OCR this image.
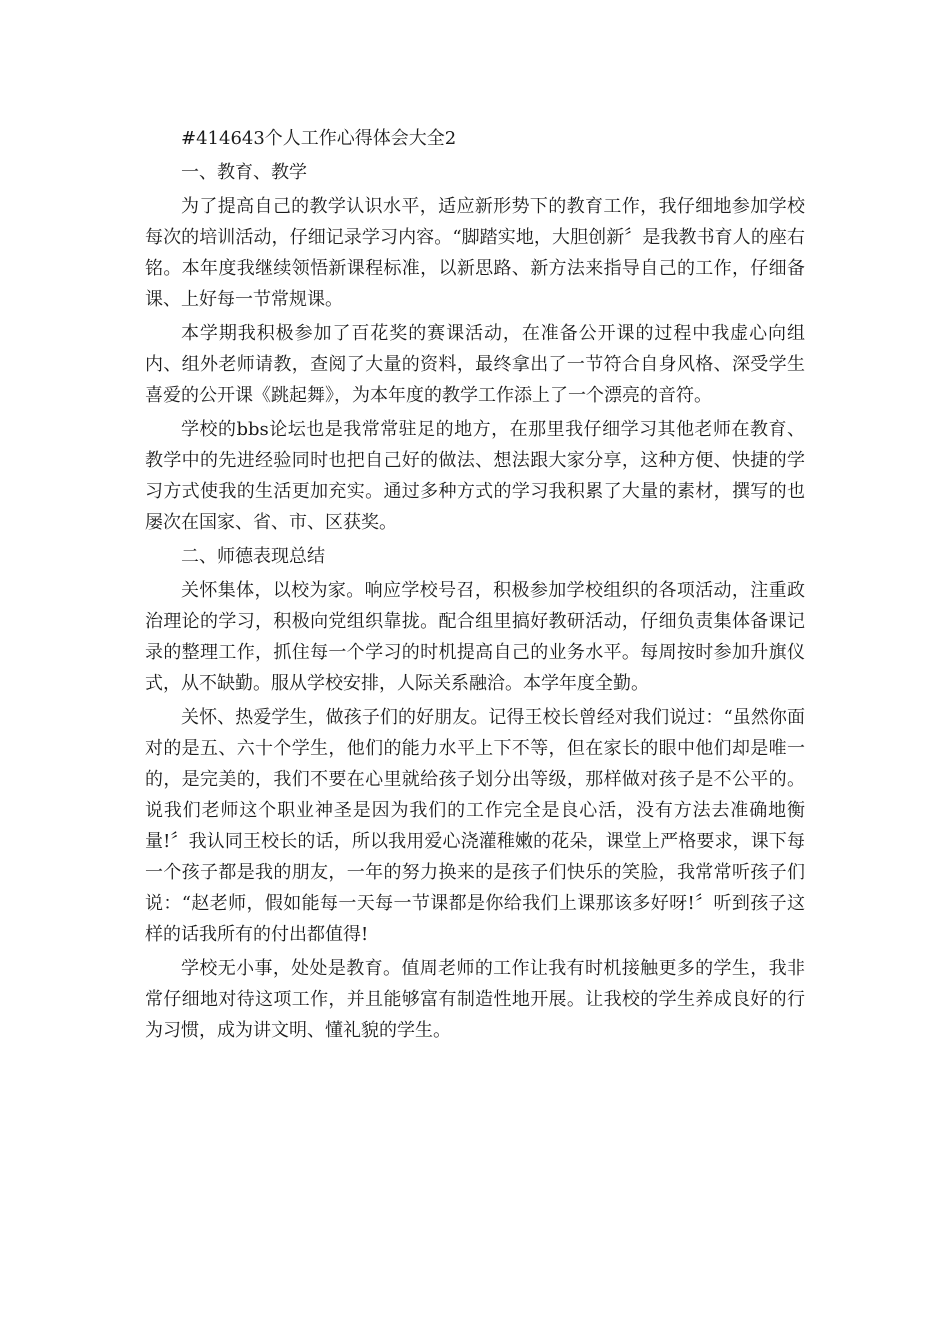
#414643个人工作心得体会大全2

一、教育、教学

为了提高自己的教学认识水平，适应新形势下的教育工作，我仔细地参加学校每次的培训活动，仔细记录学习内容。“脚踏实地，大胆创新〞是我教书育人的座右铭。本年度我继续领悟新课程标准，以新思路、新方法来指导自己的工作，仔细备课、上好每一节常规课。

本学期我积极参加了百花奖的赛课活动，在准备公开课的过程中我虚心向组内、组外老师请教，查阅了大量的资料，最终拿出了一节符合自身风格、深受学生喜爱的公开课《跳起舞》，为本年度的教学工作添上了一个漂亮的音符。

学校的bbs论坛也是我常常驻足的地方，在那里我仔细学习其他老师在教育、教学中的先进经验同时也把自己好的做法、想法跟大家分享，这种方便、快捷的学习方式使我的生活更加充实。通过多种方式的学习我积累了大量的素材，撰写的也屡次在国家、省、市、区获奖。

二、师德表现总结

关怀集体，以校为家。响应学校号召，积极参加学校组织的各项活动，注重政治理论的学习，积极向党组织靠拢。配合组里搞好教研活动，仔细负责集体备课记录的整理工作，抓住每一个学习的时机提高自己的业务水平。每周按时参加升旗仪式，从不缺勤。服从学校安排，人际关系融洽。本学年度全勤。

关怀、热爱学生，做孩子们的好朋友。记得王校长曾经对我们说过：“虽然你面对的是五、六十个学生，他们的能力水平上下不等，但在家长的眼中他们却是唯一的，是完美的，我们不要在心里就给孩子划分出等级，那样做对孩子是不公平的。说我们老师这个职业神圣是因为我们的工作完全是良心活，没有方法去准确地衡量!〞我认同王校长的话，所以我用爱心浇灌稚嫩的花朵，课堂上严格要求，课下每一个孩子都是我的朋友，一年的努力换来的是孩子们快乐的笑脸，我常常听孩子们说：“赵老师，假如能每一天每一节课都是你给我们上课那该多好呀!〞听到孩子这样的话我所有的付出都值得!

学校无小事，处处是教育。值周老师的工作让我有时机接触更多的学生，我非常仔细地对待这项工作，并且能够富有制造性地开展。让我校的学生养成良好的行为习惯，成为讲文明、懂礼貌的学生。
